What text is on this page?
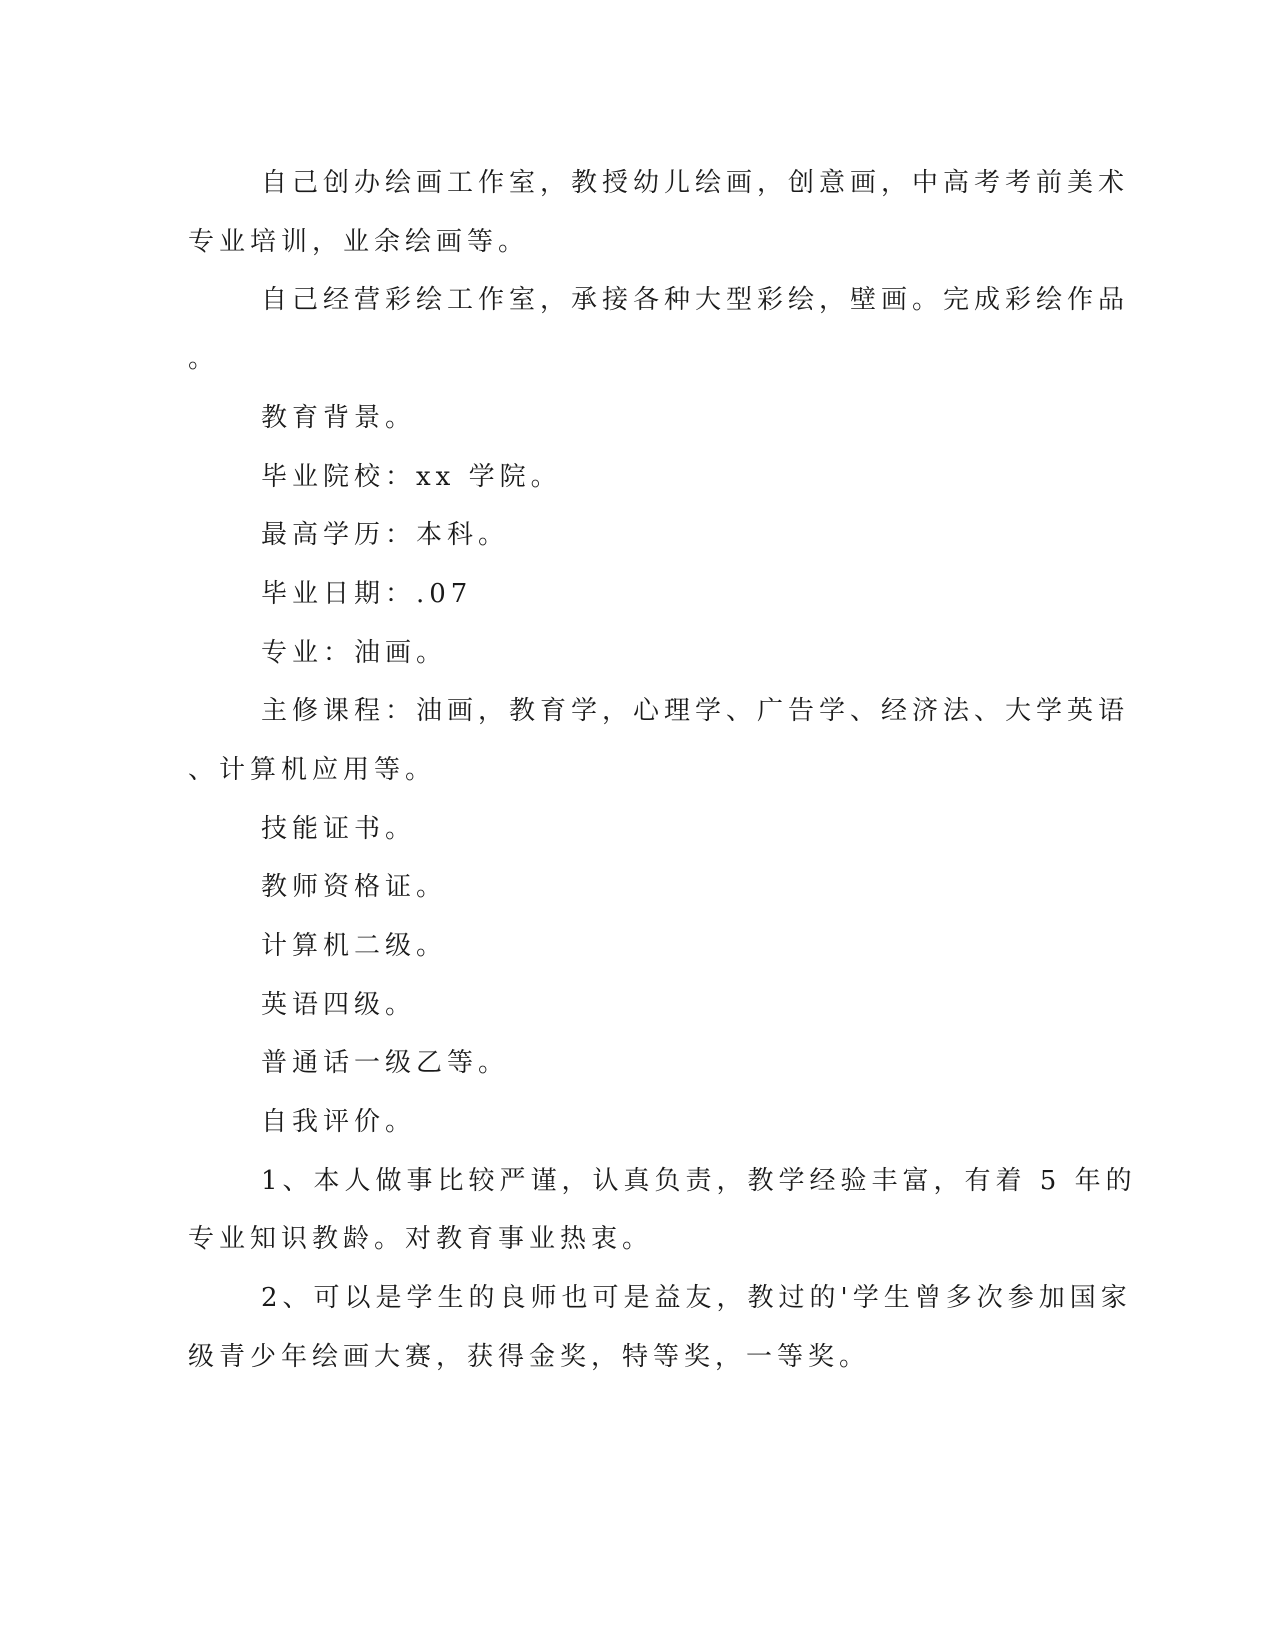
自己创办绘画工作室，教授幼儿绘画，创意画，中高考考前美术
专业培训，业余绘画等。
自己经营彩绘工作室，承接各种大型彩绘，壁画。完成彩绘作品
。
教育背景。
毕业院校：xx 学院。
最高学历：本科。
毕业日期：.07
专业：油画。
主修课程：油画，教育学，心理学、广告学、经济法、大学英语
、计算机应用等。
技能证书。
教师资格证。
计算机二级。
英语四级。
普通话一级乙等。
自我评价。
1、本人做事比较严谨，认真负责，教学经验丰富，有着 5 年的
专业知识教龄。对教育事业热衷。
2、可以是学生的良师也可是益友，教过的'学生曾多次参加国家
级青少年绘画大赛，获得金奖，特等奖，一等奖。
